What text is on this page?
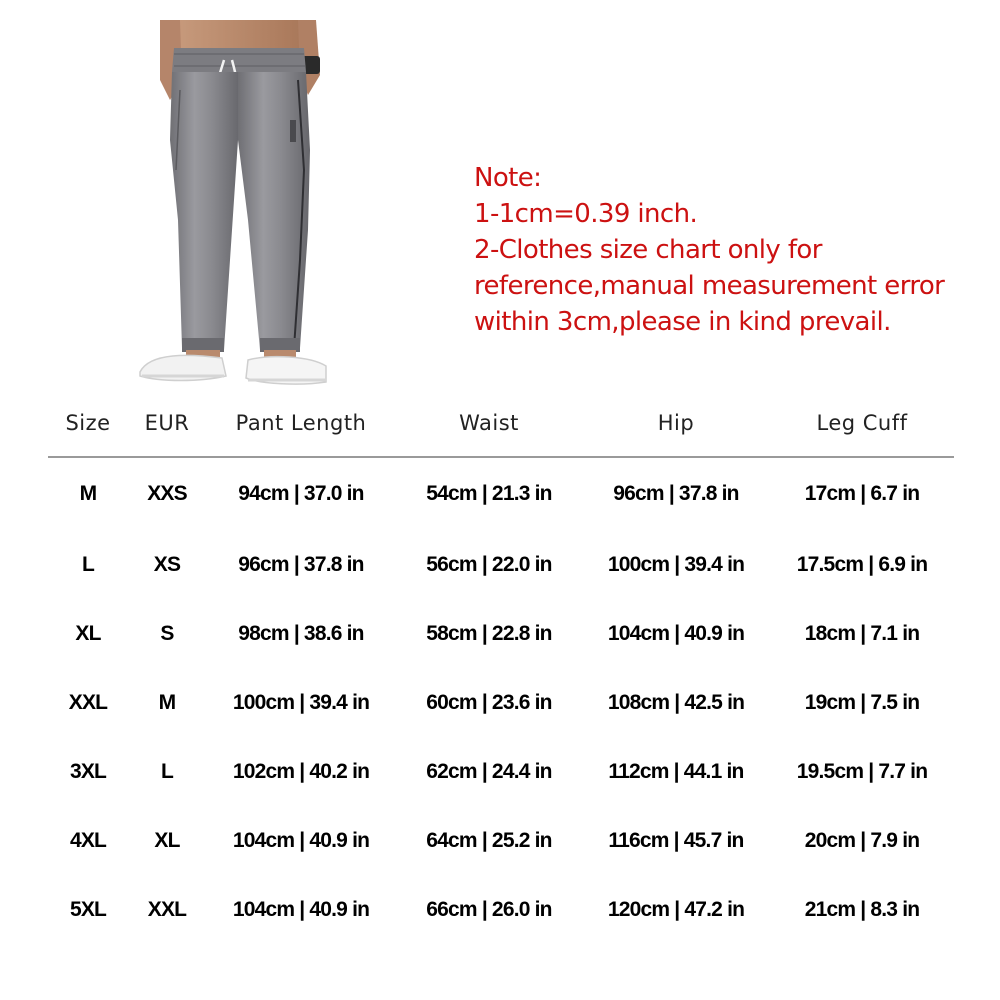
Note:
1-1cm=0.39 inch.
2-Clothes size chart only for
reference,manual measurement error
within 3cm,please in kind prevail.
Size	EUR	Pant Length	Waist	Hip	Leg Cuff
M	XXS	94cm | 37.0 in	54cm | 21.3 in	96cm | 37.8 in	17cm | 6.7 in
L	XS	96cm | 37.8 in	56cm | 22.0 in	100cm | 39.4 in	17.5cm | 6.9 in
XL	S	98cm | 38.6 in	58cm | 22.8 in	104cm | 40.9 in	18cm | 7.1 in
XXL	M	100cm | 39.4 in	60cm | 23.6 in	108cm | 42.5 in	19cm | 7.5 in
3XL	L	102cm | 40.2 in	62cm | 24.4 in	112cm | 44.1 in	19.5cm | 7.7 in
4XL	XL	104cm | 40.9 in	64cm | 25.2 in	116cm | 45.7 in	20cm | 7.9 in
5XL	XXL	104cm | 40.9 in	66cm | 26.0 in	120cm | 47.2 in	21cm | 8.3 in
